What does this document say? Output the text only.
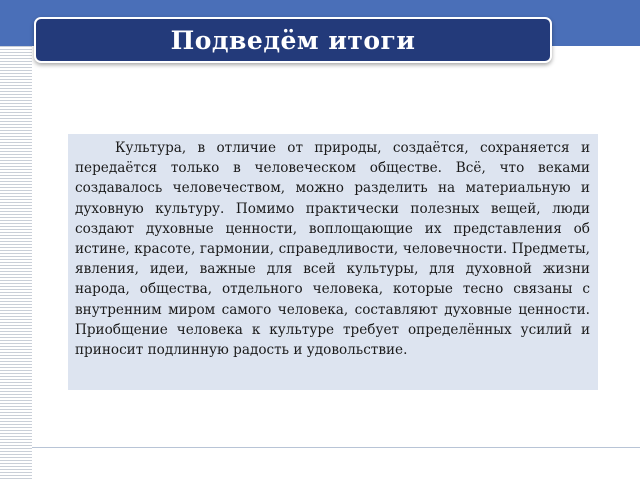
Подведём итоги

Культура, в отличие от природы, создаётся, сохраняется и передаётся только в человеческом обществе. Всё, что веками создавалось человечеством, можно разделить на материальную и духовную культуру. Помимо практически полезных вещей, люди создают духовные ценности, воплощающие их представления об истине, красоте, гармонии, справедливости, человечности. Предметы, явления, идеи, важные для всей культуры, для духовной жизни народа, общества, отдельного человека, которые тесно связаны с внутренним миром самого человека, составляют духовные ценности. Приобщение человека к культуре требует определённых усилий и приносит подлинную радость и удовольствие.
